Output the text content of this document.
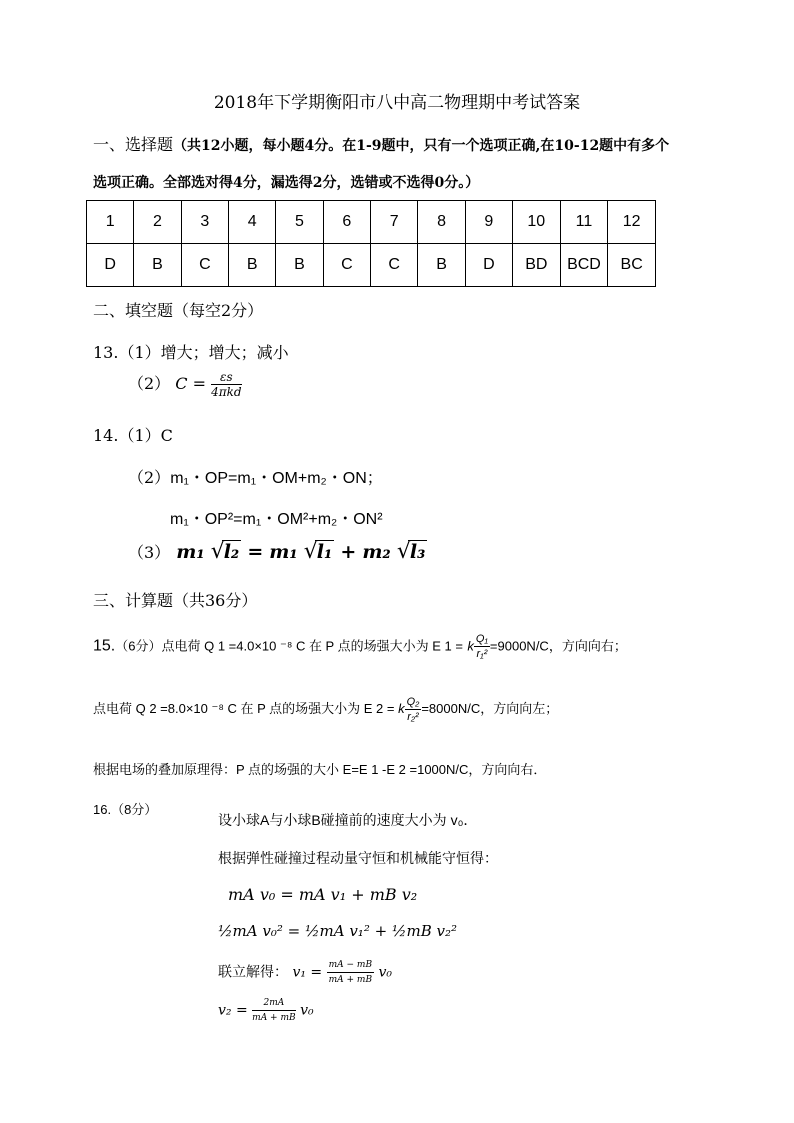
2018年下学期衡阳市八中高二物理期中考试答案
一、选择题（共12小题，每小题4分。在1-9题中，只有一个选项正确,在10-12题中有多个
选项正确。全部选对得4分，漏选得2分，选错或不选得0分。）
1	2	3	4	5	6	7	8	9	10	11	12
D	B	C	B	B	C	C	B	D	BD	BCD	BC
二、填空题（每空2分）
13.（1）增大；增大；减小
（2） $C = \frac{\varepsilon s}{\text{4πkd}}$
14.（1）C
（2）m₁・OP=m₁・OM+m₂・ON；
m₁・OP²=m₁・OM²+m₂・ON²
（3） m₁ √
l₂ = m₁ √
l₁ + m₂ √
l₃
三、计算题（共36分）
15.（6分）点电荷 Q 1 =4.0×10 ⁻⁸ C 在 P 点的场强大小为 E 1 = k $\frac{\text{Q₁}}{\text{r₁²}} =9000N/C$，方向向右；
点电荷 Q 2 =8.0×10 ⁻⁸ C 在 P 点的场强大小为 E 2 = k $\frac{\text{Q₂}}{\text{r₂²}} =8000N/C$，方向向左；
根据电场的叠加原理得：P 点的场强的大小 E=E 1 -E 2 =1000N/C，方向向右．
16.（8分）
设小球A与小球B碰撞前的速度大小为 v₀．
根据弹性碰撞过程动量守恒和机械能守恒得：
mA v₀ = mA v₁ + mB v₂
½mA v₀² = ½mA v₁² + ½mB v₂²
联立解得： $v_1 = \frac{mA - mB}{mA + mB} v_0$
$v_2 = \frac{2mA}{mA + mB} v_0$
